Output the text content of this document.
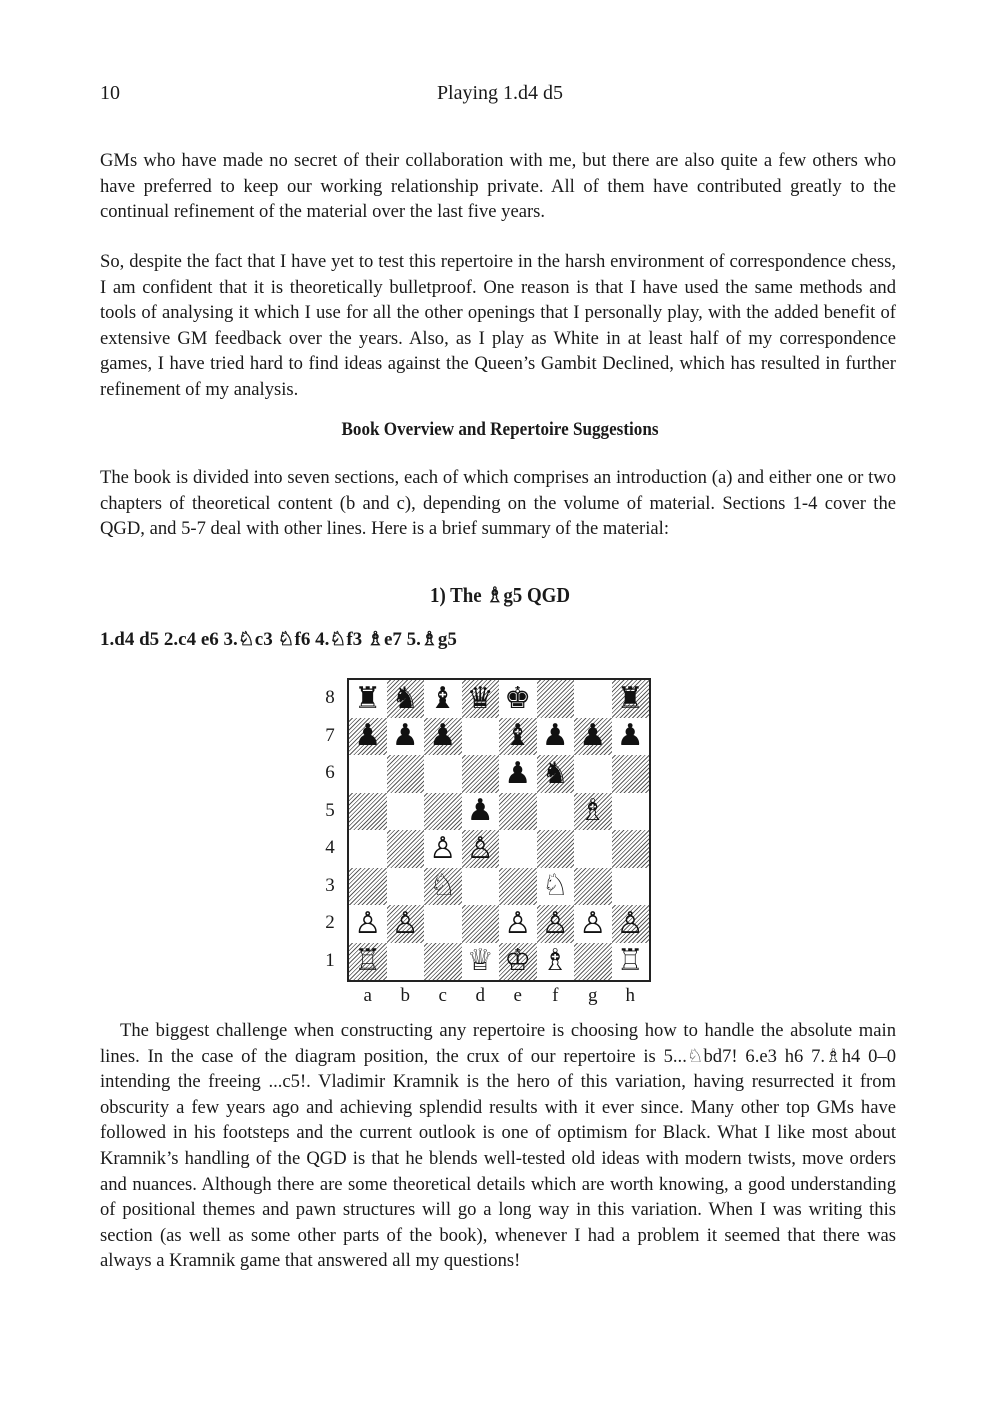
10	Playing 1.d4 d5

GMs who have made no secret of their collaboration with me, but there are also quite a few others who have preferred to keep our working relationship private. All of them have contributed greatly to the continual refinement of the material over the last five years.

So, despite the fact that I have yet to test this repertoire in the harsh environment of correspondence chess, I am confident that it is theoretically bulletproof. One reason is that I have used the same methods and tools of analysing it which I use for all the other openings that I personally play, with the added benefit of extensive GM feedback over the years. Also, as I play as White in at least half of my correspondence games, I have tried hard to find ideas against the Queen’s Gambit Declined, which has resulted in further refinement of my analysis.

Book Overview and Repertoire Suggestions

The book is divided into seven sections, each of which comprises an introduction (a) and either one or two chapters of theoretical content (b and c), depending on the volume of material. Sections 1-4 cover the QGD, and 5-7 deal with other lines. Here is a brief summary of the material:

1) The ♗g5 QGD
1.d4 d5 2.c4 e6 3.♘c3 ♘f6 4.♘f3 ♗e7 5.♗g5
8
7
6
5
4
3
2
1
♜ ♞ ♝ ♛ ♚	♜
♟ ♟ ♟ ♝ ♟ ♟ ♟
♟ ♞
♟	♗
♙ ♙
♘	♘
♙ ♙	♙ ♙ ♙ ♙
♖	♕ ♔ ♗ ♖
a	b	c	d	e	f	g	h

The biggest challenge when constructing any repertoire is choosing how to handle the absolute main lines. In the case of the diagram position, the crux of our repertoire is 5...♘bd7! 6.e3 h6 7.♗h4 0–0 intending the freeing ...c5!. Vladimir Kramnik is the hero of this variation, having resurrected it from obscurity a few years ago and achieving splendid results with it ever since. Many other top GMs have followed in his footsteps and the current outlook is one of optimism for Black. What I like most about Kramnik’s handling of the QGD is that he blends well-tested old ideas with modern twists, move orders and nuances. Although there are some theoretical details which are worth knowing, a good understanding of positional themes and pawn structures will go a long way in this variation. When I was writing this section (as well as some other parts of the book), whenever I had a problem it seemed that there was always a Kramnik game that answered all my questions!
